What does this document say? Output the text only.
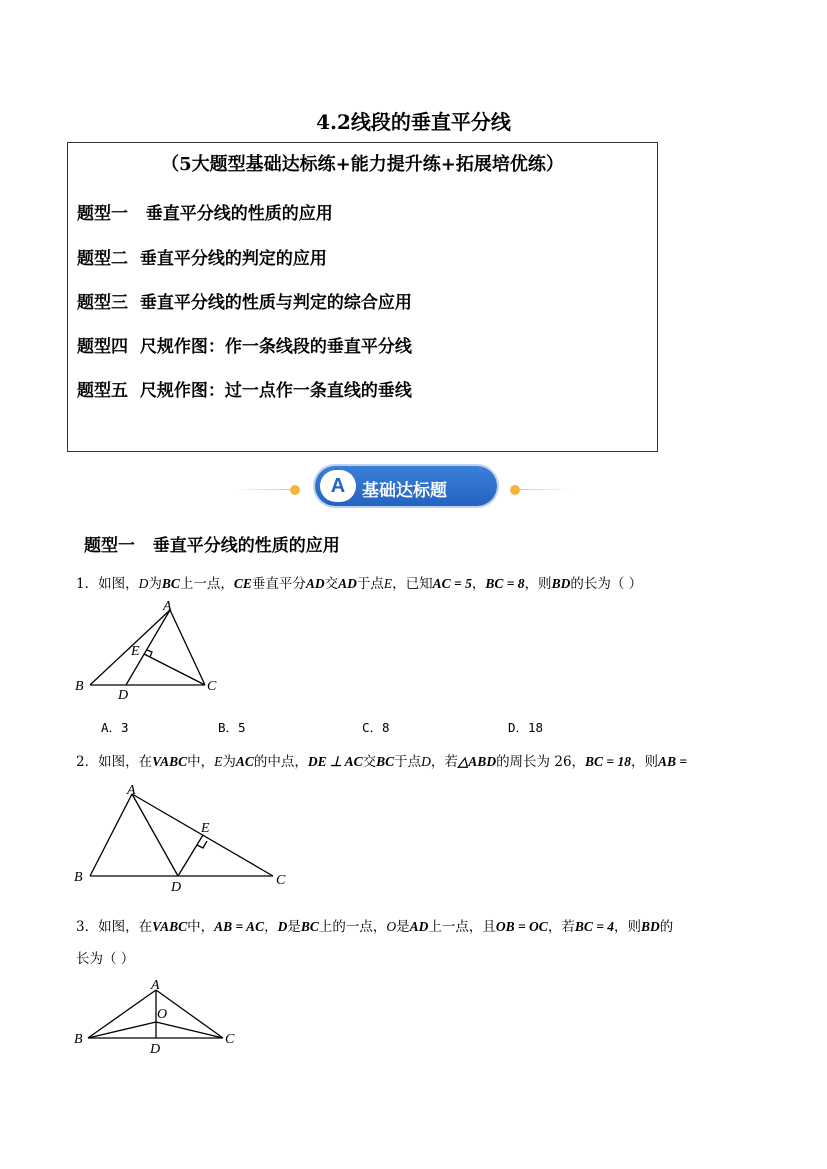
4.2线段的垂直平分线
（5大题型基础达标练+能力提升练+拓展培优练）
题型一   垂直平分线的性质的应用
题型二  垂直平分线的判定的应用
题型三  垂直平分线的性质与判定的综合应用
题型四  尺规作图：作一条线段的垂直平分线
题型五  尺规作图：过一点作一条直线的垂线
A 基础达标题
题型一   垂直平分线的性质的应用
1．如图，D为BC上一点，CE垂直平分AD交AD于点E，已知AC = 5，BC = 8，则BD的长为（ ）
A
E
B
D
C
A．3	B．5	C．8	D．18
2．如图，在VABC中，E为AC的中点，DE ⊥ AC交BC于点D，若△ABD的周长为 26，BC = 18，则AB =
A
E
B
D	C
3．如图，在VABC中，AB = AC，D是BC上的一点，O是AD上一点，且OB = OC，若BC = 4，则BD的
长为（ ）
A
O
B
D
C
